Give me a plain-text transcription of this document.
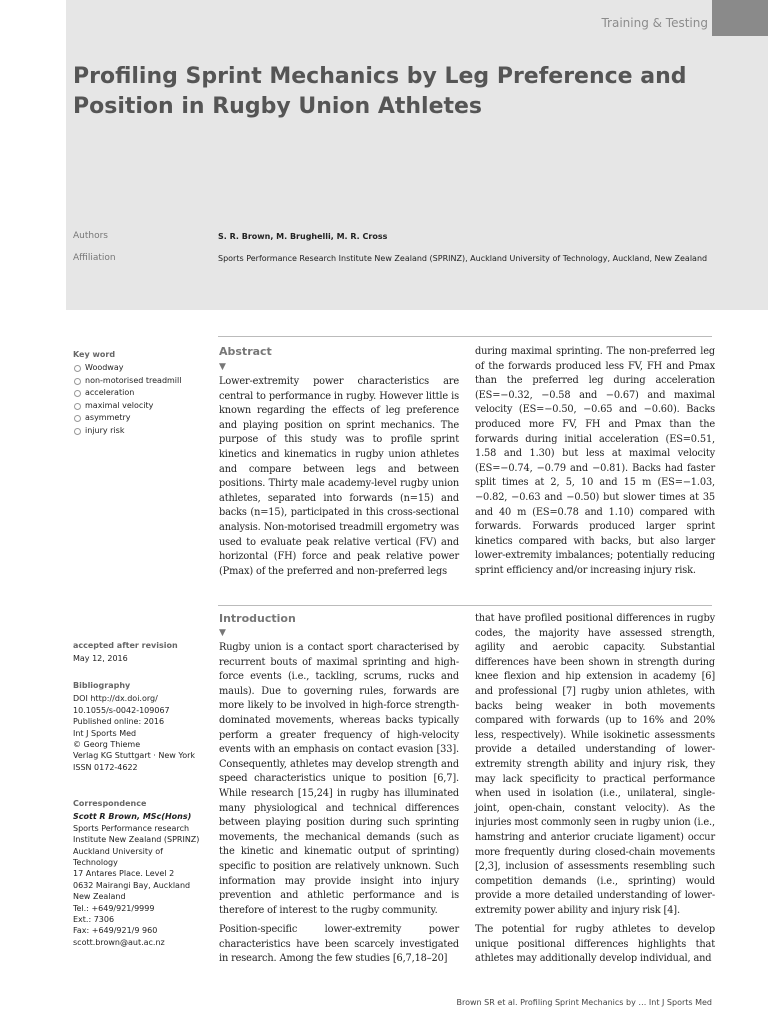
Training & Testing
Profiling Sprint Mechanics by Leg Preference and Position in Rugby Union Athletes
Authors	S. R. Brown, M. Brughelli, M. R. Cross
Affiliation	Sports Performance Research Institute New Zealand (SPRINZ), Auckland University of Technology, Auckland, New Zealand
Key word
Woodway
non-motorised treadmill
acceleration
maximal velocity
asymmetry
injury risk
accepted after revision
May 12, 2016
Bibliography

DOI http://dx.doi.org/

10.1055/s-0042-109067

Published online: 2016

Int J Sports Med

© Georg Thieme

Verlag KG Stuttgart · New York

ISSN 0172-4622

Correspondence

Scott R Brown, MSc(Hons)

Sports Performance research

Institute New Zealand (SPRINZ)

Auckland University of

Technology

17 Antares Place. Level 2

0632 Mairangi Bay, Auckland

New Zealand

Tel.: +649/921/9999

Ext.: 7306

Fax: +649/921/9 960

scott.brown@aut.ac.nz

Abstract
▼

Lower-extremity power characteristics are central to performance in rugby. However little is known regarding the effects of leg preference and playing position on sprint mechanics. The purpose of this study was to profile sprint kinetics and kinematics in rugby union athletes and compare between legs and between positions. Thirty male academy-level rugby union athletes, separated into forwards (n=15) and backs (n=15), participated in this cross-sectional analysis. Non-motorised treadmill ergometry was used to evaluate peak relative vertical (FV) and horizontal (FH) force and peak relative power (Pmax) of the preferred and non-preferred legs

during maximal sprinting. The non-preferred leg of the forwards produced less FV, FH and Pmax than the preferred leg during acceleration (ES=−0.32, −0.58 and −0.67) and maximal velocity (ES=−0.50, −0.65 and −0.60). Backs produced more FV, FH and Pmax than the forwards during initial acceleration (ES=0.51, 1.58 and 1.30) but less at maximal velocity (ES=−0.74, −0.79 and −0.81). Backs had faster split times at 2, 5, 10 and 15 m (ES=−1.03, −0.82, −0.63 and −0.50) but slower times at 35 and 40 m (ES=0.78 and 1.10) compared with forwards. Forwards produced larger sprint kinetics compared with backs, but also larger lower-extremity imbalances; potentially reducing sprint efficiency and/or increasing injury risk.

Introduction
▼

Rugby union is a contact sport characterised by recurrent bouts of maximal sprinting and high-force events (i.e., tackling, scrums, rucks and mauls). Due to governing rules, forwards are more likely to be involved in high-force strength-dominated movements, whereas backs typically perform a greater frequency of high-velocity events with an emphasis on contact evasion [33]. Consequently, athletes may develop strength and speed characteristics unique to position [6,7]. While research [15,24] in rugby has illuminated many physiological and technical differences between playing position during such sprinting movements, the mechanical demands (such as the kinetic and kinematic output of sprinting) specific to position are relatively unknown. Such information may provide insight into injury prevention and athletic performance and is therefore of interest to the rugby community.

Position-specific lower-extremity power characteristics have been scarcely investigated in research. Among the few studies [6,7,18–20]

that have profiled positional differences in rugby codes, the majority have assessed strength, agility and aerobic capacity. Substantial differences have been shown in strength during knee flexion and hip extension in academy [6] and professional [7] rugby union athletes, with backs being weaker in both movements compared with forwards (up to 16% and 20% less, respectively). While isokinetic assessments provide a detailed understanding of lower-extremity strength ability and injury risk, they may lack specificity to practical performance when used in isolation (i.e., unilateral, single-joint, open-chain, constant velocity). As the injuries most commonly seen in rugby union (i.e., hamstring and anterior cruciate ligament) occur more frequently during closed-chain movements [2,3], inclusion of assessments resembling such competition demands (i.e., sprinting) would provide a more detailed understanding of lower-extremity power ability and injury risk [4].

The potential for rugby athletes to develop unique positional differences highlights that athletes may additionally develop individual, and

Brown SR et al. Profiling Sprint Mechanics by … Int J Sports Med
